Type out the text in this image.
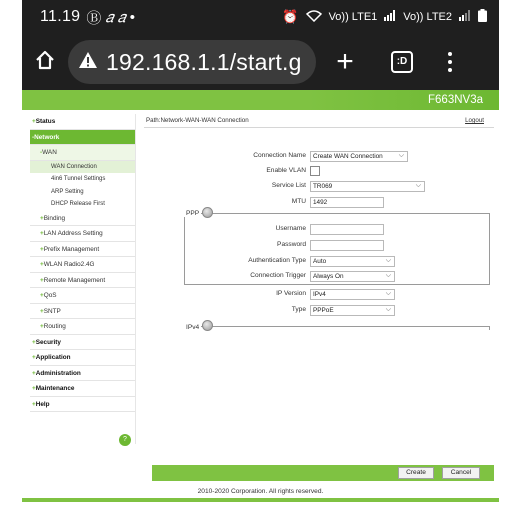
11.19 Ⓑ 𝑎 𝑎 •	⏰	Vo)) LTE1 Vo)) LTE2
192.168.1.1/start.g +	:D
F663NV3a
+Status
-Network
-WAN
WAN Connection
4in6 Tunnel Settings
ARP Setting
DHCP Release First
+Binding
+LAN Address Setting
+Prefix Management
+WLAN Radio2.4G
+Remote Management
+QoS
+SNTP
+Routing
+Security
+Application
+Administration
+Maintenance
+Help
?
Path:Network-WAN-WAN Connection	Logout
Connection Name	Create WAN Connection ⌵
Enable VLAN
Service List	TR069 ⌵
MTU	1492
PPP
Username
Password
Authentication Type	Auto ⌵
Connection Trigger	Always On ⌵
IP Version	IPv4 ⌵
Type	PPPoE ⌵
IPv4
Create	Cancel
2010-2020 Corporation. All rights reserved.
